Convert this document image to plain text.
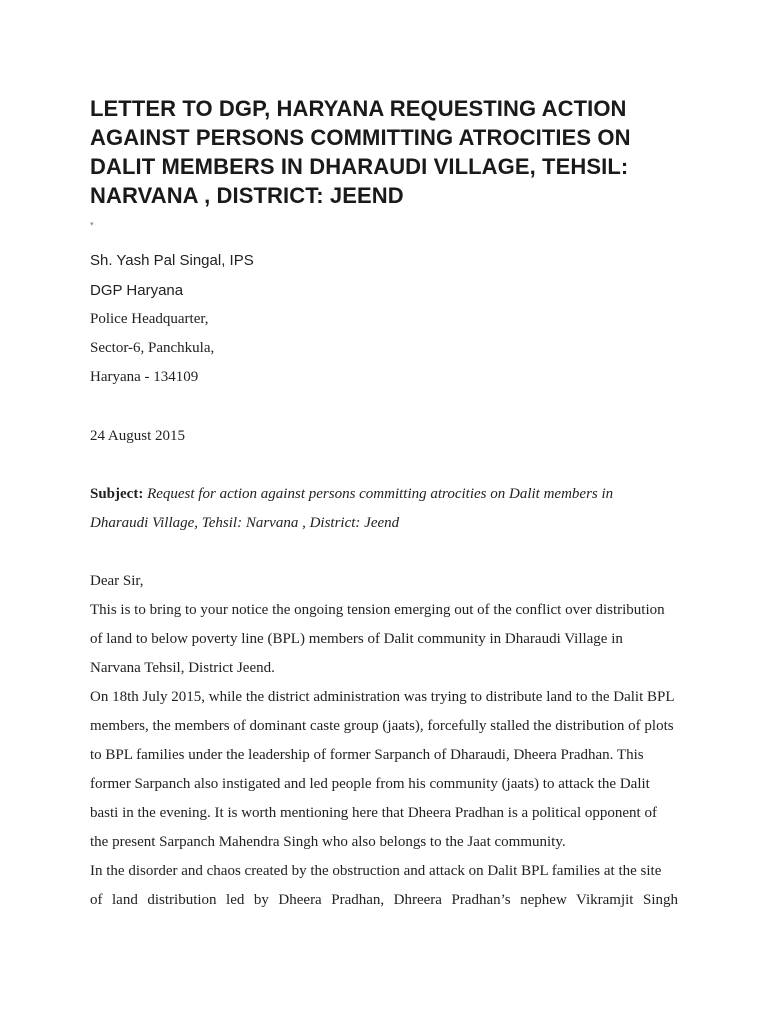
LETTER TO DGP, HARYANA REQUESTING ACTION AGAINST PERSONS COMMITTING ATROCITIES ON DALIT MEMBERS IN DHARAUDI VILLAGE, TEHSIL: NARVANA , DISTRICT: JEEND
▾

Sh. Yash Pal Singal, IPS

DGP Haryana

Police Headquarter,

Sector-6, Panchkula,

Haryana - 134109

24 August 2015

Subject: Request for action against persons committing atrocities on Dalit members in

Dharaudi Village, Tehsil: Narvana , District: Jeend

Dear Sir,

This is to bring to your notice the ongoing tension emerging out of the conflict over distribution

of land to below poverty line (BPL) members of Dalit community in Dharaudi Village in

Narvana Tehsil, District Jeend.

On 18th July 2015, while the district administration was trying to distribute land to the Dalit BPL

members, the members of dominant caste group (jaats), forcefully stalled the distribution of plots

to BPL families under the leadership of former Sarpanch of Dharaudi, Dheera Pradhan. This

former Sarpanch also instigated and led people from his community (jaats) to attack the Dalit

basti in the evening. It is worth mentioning here that Dheera Pradhan is a political opponent of

the present Sarpanch Mahendra Singh who also belongs to the Jaat community.

In the disorder and chaos created by the obstruction and attack on Dalit BPL families at the site

of land distribution led by Dheera Pradhan, Dhreera Pradhan’s nephew Vikramjit Singh
